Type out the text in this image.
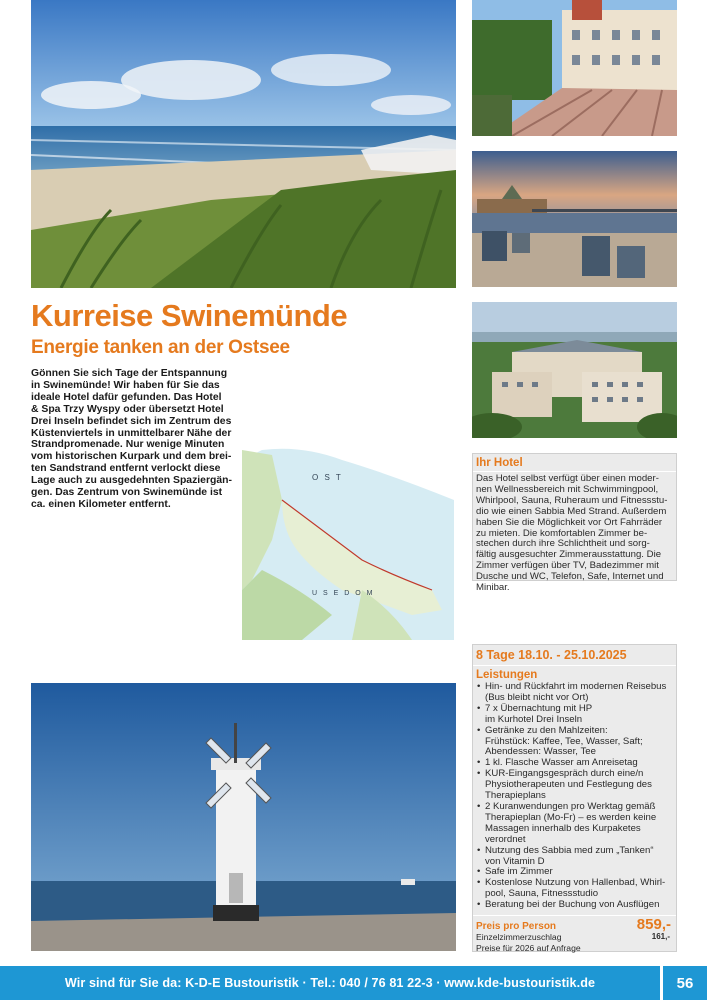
Kurreise Swinemünde
Energie tanken an der Ostsee
Gönnen Sie sich Tage der Entspannung
in Swinemünde! Wir haben für Sie das
ideale Hotel dafür gefunden. Das Hotel
& Spa Trzy Wyspy oder übersetzt Hotel
Drei Inseln befindet sich im Zentrum des
Küstenviertels in unmittelbarer Nähe der
Strandpromenade. Nur wenige Minuten
vom historischen Kurpark und dem brei-
ten Sandstrand entfernt verlockt diese
Lage auch zu ausgedehnten Spaziergän-
gen. Das Zentrum von Swinemünde ist
ca. einen Kilometer entfernt.
O S T
U S E D O M
Ihr Hotel
Das Hotel selbst verfügt über einen moder-
nen Wellnessbereich mit Schwimmingpool,
Whirlpool, Sauna, Ruheraum und Fitnessstu-
dio wie einen Sabbia Med Strand. Außerdem
haben Sie die Möglichkeit vor Ort Fahrräder
zu mieten. Die komfortablen Zimmer be-
stechen durch ihre Schlichtheit und sorg-
fältig ausgesuchter Zimmerausstattung. Die
Zimmer verfügen über TV, Badezimmer mit
Dusche und WC, Telefon, Safe, Internet und
Minibar.
8 Tage 18.10. - 25.10.2025
Leistungen
• Hin- und Rückfahrt im modernen Reisebus
(Bus bleibt nicht vor Ort)
• 7 x Übernachtung mit HP
im Kurhotel Drei Inseln
• Getränke zu den Mahlzeiten:
Frühstück: Kaffee, Tee, Wasser, Saft;
Abendessen: Wasser, Tee
• 1 kl. Flasche Wasser am Anreisetag
• KUR-Eingangsgespräch durch eine/n
Physiotherapeuten und Festlegung des
Therapieplans
• 2 Kuranwendungen pro Werktag gemäß
Therapieplan (Mo-Fr) – es werden keine
Massagen innerhalb des Kurpaketes
verordnet
• Nutzung des Sabbia med zum „Tanken“
von Vitamin D
• Safe im Zimmer
• Kostenlose Nutzung von Hallenbad, Whirl-
pool, Sauna, Fitnessstudio
• Beratung bei der Buchung von Ausflügen
Preis pro Person	859,-
Einzelzimmerzuschlag	161,-
Preise für 2026 auf Anfrage
Wir sind für Sie da: K-D-E Bustouristik · Tel.: 040 / 76 81 22-3 · www.kde-bustouristik.de	56
